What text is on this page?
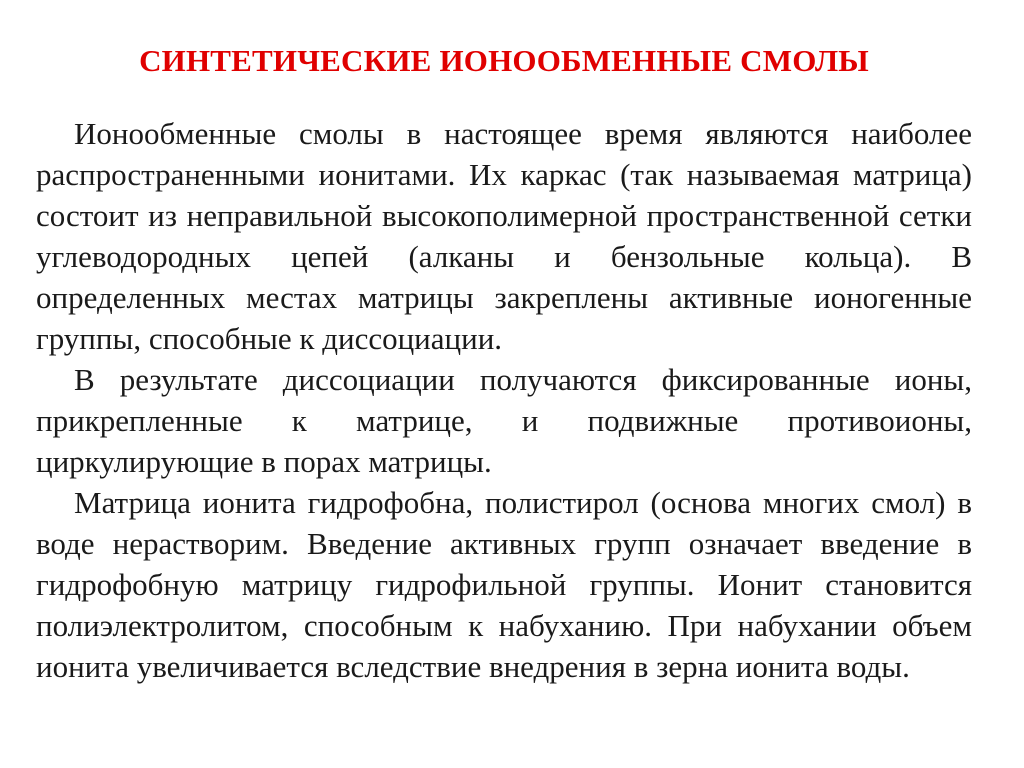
СИНТЕТИЧЕСКИЕ ИОНООБМЕННЫЕ СМОЛЫ

Ионообменные смолы в настоящее время являются наиболее распространенными ионитами. Их каркас (так называемая матрица) состоит из неправильной высокополимерной пространственной сетки углеводородных цепей (алканы и бензольные кольца). В определенных местах матрицы закреплены активные ионогенные группы, способные к диссоциации.

В результате диссоциации получаются фиксированные ионы, прикрепленные к матрице, и подвижные противоионы, циркулирующие в порах матрицы.

Матрица ионита гидрофобна, полистирол (основа многих смол) в воде нерастворим. Введение активных групп означает введение в гидрофобную матрицу гидрофильной группы. Ионит становится полиэлектролитом, способным к набуханию. При набухании объем ионита увеличивается вследствие внедрения в зерна ионита воды.
